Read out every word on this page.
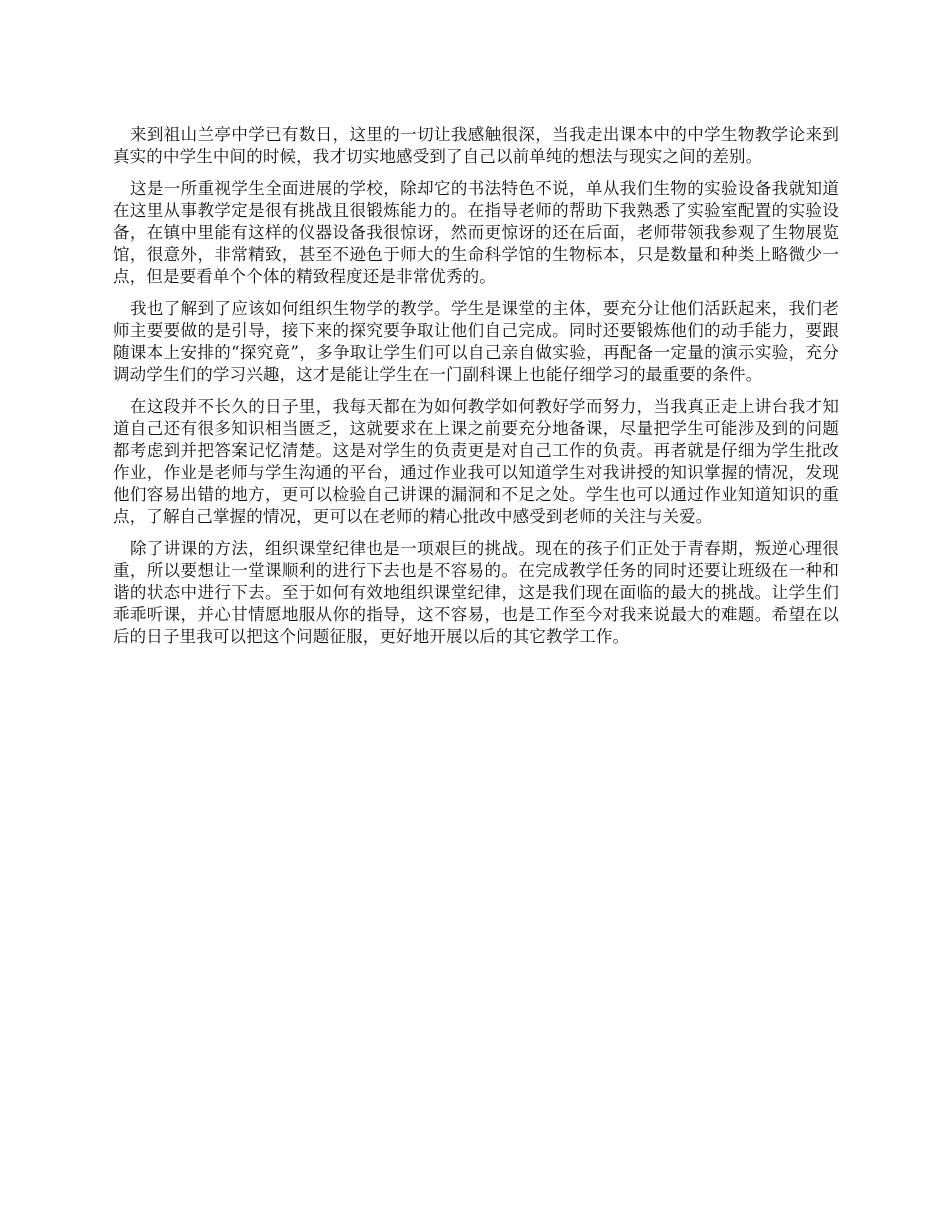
来到祖山兰亭中学已有数日，这里的一切让我感触很深，当我走出课本中的中学生物教学论来到真实的中学生中间的时候，我才切实地感受到了自己以前单纯的想法与现实之间的差别。

这是一所重视学生全面进展的学校，除却它的书法特色不说，单从我们生物的实验设备我就知道在这里从事教学定是很有挑战且很锻炼能力的。在指导老师的帮助下我熟悉了实验室配置的实验设备，在镇中里能有这样的仪器设备我很惊讶，然而更惊讶的还在后面，老师带领我参观了生物展览馆，很意外，非常精致，甚至不逊色于师大的生命科学馆的生物标本，只是数量和种类上略微少一点，但是要看单个个体的精致程度还是非常优秀的。

我也了解到了应该如何组织生物学的教学。学生是课堂的主体，要充分让他们活跃起来，我们老师主要要做的是引导，接下来的探究要争取让他们自己完成。同时还要锻炼他们的动手能力，要跟随课本上安排的“探究竟”，多争取让学生们可以自己亲自做实验，再配备一定量的演示实验，充分调动学生们的学习兴趣，这才是能让学生在一门副科课上也能仔细学习的最重要的条件。

在这段并不长久的日子里，我每天都在为如何教学如何教好学而努力，当我真正走上讲台我才知道自己还有很多知识相当匮乏，这就要求在上课之前要充分地备课，尽量把学生可能涉及到的问题都考虑到并把答案记忆清楚。这是对学生的负责更是对自己工作的负责。再者就是仔细为学生批改作业，作业是老师与学生沟通的平台，通过作业我可以知道学生对我讲授的知识掌握的情况，发现他们容易出错的地方，更可以检验自己讲课的漏洞和不足之处。学生也可以通过作业知道知识的重点，了解自己掌握的情况，更可以在老师的精心批改中感受到老师的关注与关爱。

除了讲课的方法，组织课堂纪律也是一项艰巨的挑战。现在的孩子们正处于青春期，叛逆心理很重，所以要想让一堂课顺利的进行下去也是不容易的。在完成教学任务的同时还要让班级在一种和谐的状态中进行下去。至于如何有效地组织课堂纪律，这是我们现在面临的最大的挑战。让学生们乖乖听课，并心甘情愿地服从你的指导，这不容易，也是工作至今对我来说最大的难题。希望在以后的日子里我可以把这个问题征服，更好地开展以后的其它教学工作。
